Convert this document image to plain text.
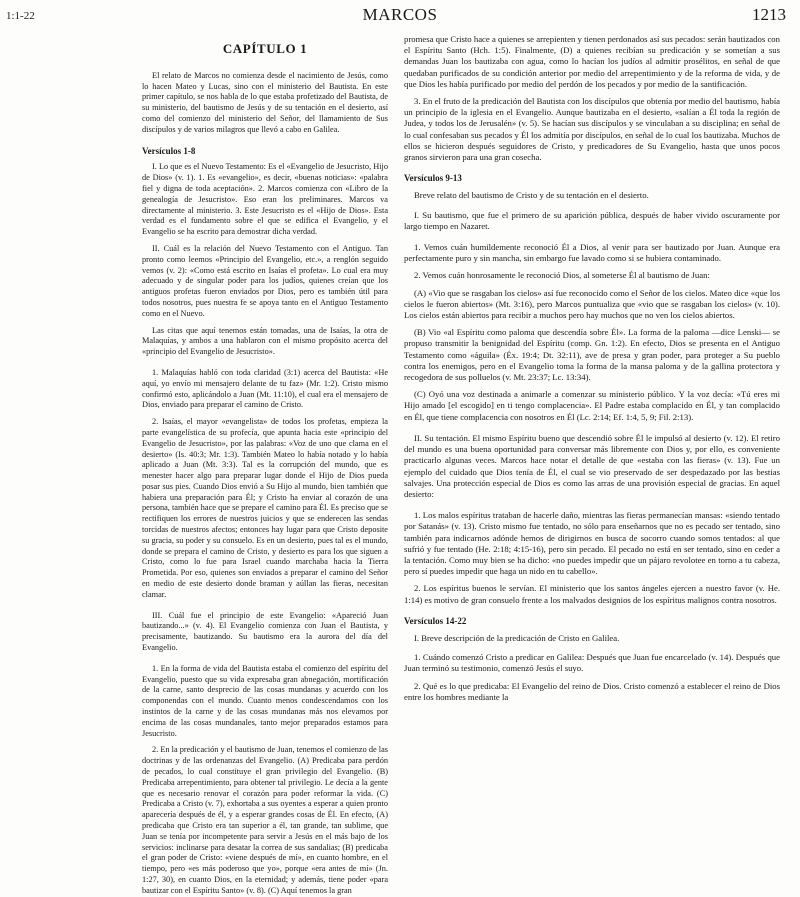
1:1-22	MARCOS	1213
CAPÍTULO 1

El relato de Marcos no comienza desde el nacimiento de Jesús, como lo hacen Mateo y Lucas, sino con el ministerio del Bautista. En este primer capítulo, se nos habla de lo que estaba profetizado del Bautista, de su ministerio, del bautismo de Jesús y de su tentación en el desierto, así como del comienzo del ministerio del Señor, del llamamiento de Sus discípulos y de varios milagros que llevó a cabo en Galilea.

Versículos 1-8

I. Lo que es el Nuevo Testamento: Es el «Evangelio de Jesucristo, Hijo de Dios» (v. 1). 1. Es «evangelio», es decir, «buenas noticias»: «palabra fiel y digna de toda aceptación». 2. Marcos comienza con «Libro de la genealogía de Jesucristo». Eso eran los preliminares. Marcos va directamente al ministerio. 3. Este Jesucristo es el «Hijo de Dios». Esta verdad es el fundamento sobre el que se edifica el Evangelio, y el Evangelio se ha escrito para demostrar dicha verdad.

II. Cuál es la relación del Nuevo Testamento con el Antiguo. Tan pronto como leemos «Principio del Evangelio, etc.», a renglón seguido vemos (v. 2): «Como está escrito en Isaías el profeta». Lo cual era muy adecuado y de singular poder para los judíos, quienes creían que los antiguos profetas fueron enviados por Dios, pero es también útil para todos nosotros, pues nuestra fe se apoya tanto en el Antiguo Testamento como en el Nuevo.

Las citas que aquí tenemos están tomadas, una de Isaías, la otra de Malaquías, y ambos a una hablaron con el mismo propósito acerca del «principio del Evangelio de Jesucristo».

1. Malaquías habló con toda claridad (3:1) acerca del Bautista: «He aquí, yo envío mi mensajero delante de tu faz» (Mr. 1:2). Cristo mismo confirmó esto, aplicándolo a Juan (Mt. 11:10), el cual era el mensajero de Dios, enviado para preparar el camino de Cristo.

2. Isaías, el mayor «evangelista» de todos los profetas, empieza la parte evangelística de su profecía, que apunta hacia este «principio del Evangelio de Jesucristo», por las palabras: «Voz de uno que clama en el desierto» (Is. 40:3; Mr. 1:3). También Mateo lo había notado y lo había aplicado a Juan (Mt. 3:3). Tal es la corrupción del mundo, que es menester hacer algo para preparar lugar donde el Hijo de Dios pueda posar sus pies. Cuando Dios envió a Su Hijo al mundo, bien también que habiera una preparación para Él; y Cristo ha enviar al corazón de una persona, también hace que se prepare el camino para Él. Es preciso que se rectifiquen los errores de nuestros juicios y que se enderecen las sendas torcidas de nuestros afectos; entonces hay lugar para que Cristo deposite su gracia, su poder y su consuelo. Es en un desierto, pues tal es el mundo, donde se prepara el camino de Cristo, y desierto es para los que siguen a Cristo, como lo fue para Israel cuando marchaba hacia la Tierra Prometida. Por eso, quienes son enviados a preparar el camino del Señor en medio de este desierto donde braman y aúllan las fieras, necesitan clamar.

III. Cuál fue el principio de este Evangelio: «Apareció Juan bautizando...» (v. 4). El Evangelio comienza con Juan el Bautista, y precisamente, bautizando. Su bautismo era la aurora del día del Evangelio.

1. En la forma de vida del Bautista estaba el comienzo del espíritu del Evangelio, puesto que su vida expresaba gran abnegación, mortificación de la carne, santo desprecio de las cosas mundanas y acuerdo con los componendas con el mundo. Cuanto menos condescendamos con los instintos de la carne y de las cosas mundanas más nos elevamos por encima de las cosas mundanales, tanto mejor preparados estamos para Jesucristo.

2. En la predicación y el bautismo de Juan, tenemos el comienzo de las doctrinas y de las ordenanzas del Evangelio. (A) Predicaba para perdón de pecados, lo cual constituye el gran privilegio del Evangelio. (B) Predicaba arrepentimiento, para obtener tal privilegio. Le decía a la gente que es necesario renovar el corazón para poder reformar la vida. (C) Predicaba a Cristo (v. 7), exhortaba a sus oyentes a esperar a quien pronto aparecería después de él, y a esperar grandes cosas de Él. En efecto, (A) predicaba que Cristo era tan superior a él, tan grande, tan sublime, que Juan se tenía por incompetente para servir a Jesús en el más bajo de los servicios: inclinarse para desatar la correa de sus sandalias; (B) predicaba el gran poder de Cristo: «viene después de mí», en cuanto hombre, en el tiempo, pero «es más poderoso que yo», porque «era antes de mí» (Jn. 1:27, 30), en cuanto Dios, en la eternidad; y además, tiene poder «para bautizar con el Espíritu Santo» (v. 8). (C) Aquí tenemos la gran

promesa que Cristo hace a quienes se arrepienten y tienen perdonados así sus pecados: serán bautizados con el Espíritu Santo (Hch. 1:5). Finalmente, (D) a quienes recibían su predicación y se sometían a sus demandas Juan los bautizaba con agua, como lo hacían los judíos al admitir prosélitos, en señal de que quedaban purificados de su condición anterior por medio del arrepentimiento y de la reforma de vida, y de que Dios les había purificado por medio del perdón de los pecados y por medio de la santificación.

3. En el fruto de la predicación del Bautista con los discípulos que obtenía por medio del bautismo, había un principio de la iglesia en el Evangelio. Aunque bautizaba en el desierto, «salían a Él toda la región de Judea, y todos los de Jerusalén» (v. 5). Se hacían sus discípulos y se vinculaban a su disciplina; en señal de lo cual confesaban sus pecados y Él los admitía por discípulos, en señal de lo cual los bautizaba. Muchos de ellos se hicieron después seguidores de Cristo, y predicadores de Su Evangelio, hasta que unos pocos granos sirvieron para una gran cosecha.

Versículos 9-13

Breve relato del bautismo de Cristo y de su tentación en el desierto.

I. Su bautismo, que fue el primero de su aparición pública, después de haber vivido oscuramente por largo tiempo en Nazaret.

1. Vemos cuán humildemente reconoció Él a Dios, al venir para ser bautizado por Juan. Aunque era perfectamente puro y sin mancha, sin embargo fue lavado como si se hubiera contaminado.

2. Vemos cuán honrosamente le reconoció Dios, al someterse Él al bautismo de Juan:

(A) «Vio que se rasgaban los cielos» así fue reconocido como el Señor de los cielos. Mateo dice «que los cielos le fueron abiertos» (Mt. 3:16), pero Marcos puntualiza que «vio que se rasgaban los cielos» (v. 10). Los cielos están abiertos para recibir a muchos pero hay muchos que no ven los cielos abiertos.

(B) Vio «al Espíritu como paloma que descendía sobre Él». La forma de la paloma —dice Lenski— se propuso transmitir la benignidad del Espíritu (comp. Gn. 1:2). En efecto, Dios se presenta en el Antiguo Testamento como «águila» (Éx. 19:4; Dt. 32:11), ave de presa y gran poder, para proteger a Su pueblo contra los enemigos, pero en el Evangelio toma la forma de la mansa paloma y de la gallina protectora y recogedora de sus polluelos (v. Mt. 23:37; Lc. 13:34).

(C) Oyó una voz destinada a animarle a comenzar su ministerio público. Y la voz decía: «Tú eres mi Hijo amado [el escogido] en ti tengo complacencia». El Padre estaba complacido en Él, y tan complacido en Él, que tiene complacencia con nosotros en Él (Lc. 2:14; Ef. 1:4, 5, 9; Fil. 2:13).

II. Su tentación. El mismo Espíritu bueno que descendió sobre Él le impulsó al desierto (v. 12). El retiro del mundo es una buena oportunidad para conversar más libremente con Dios y, por ello, es conveniente practicarlo algunas veces. Marcos hace notar el detalle de que «estaba con las fieras» (v. 13). Fue un ejemplo del cuidado que Dios tenía de Él, el cual se vio preservado de ser despedazado por las bestias salvajes. Una protección especial de Dios es como las arras de una provisión especial de gracias. En aquel desierto:

1. Los malos espíritus trataban de hacerle daño, mientras las fieras permanecían mansas: «siendo tentado por Satanás» (v. 13). Cristo mismo fue tentado, no sólo para enseñarnos que no es pecado ser tentado, sino también para indicarnos adónde hemos de dirigirnos en busca de socorro cuando somos tentados: al que sufrió y fue tentado (He. 2:18; 4:15-16), pero sin pecado. El pecado no está en ser tentado, sino en ceder a la tentación. Como muy bien se ha dicho: «no puedes impedir que un pájaro revolotee en torno a tu cabeza, pero sí puedes impedir que haga un nido en tu cabello».

2. Los espíritus buenos le servían. El ministerio que los santos ángeles ejercen a nuestro favor (v. He. 1:14) es motivo de gran consuelo frente a los malvados designios de los espíritus malignos contra nosotros.

Versículos 14-22

I. Breve descripción de la predicación de Cristo en Galilea.

1. Cuándo comenzó Cristo a predicar en Galilea: Después que Juan fue encarcelado (v. 14). Después que Juan terminó su testimonio, comenzó Jesús el suyo.

2. Qué es lo que predicaba: El Evangelio del reino de Dios. Cristo comenzó a establecer el reino de Dios entre los hombres mediante la
